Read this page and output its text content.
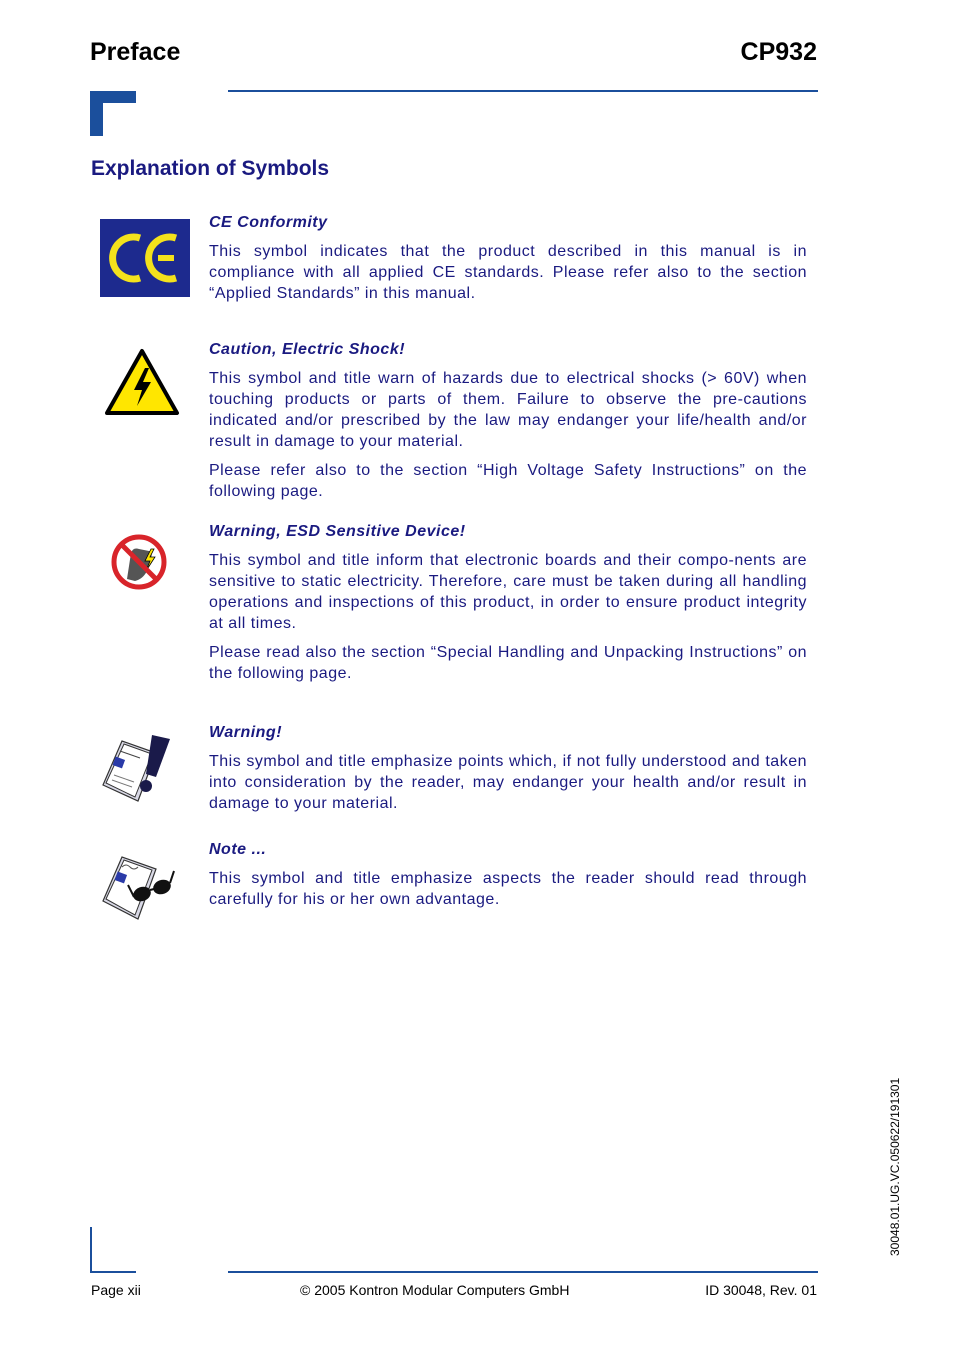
Preface	CP932
Explanation of Symbols

CE Conformity

This symbol indicates that the product described in this manual is in compliance with all applied CE standards. Please refer also to the section “Applied Standards” in this manual.

Caution, Electric Shock!

This symbol and title warn of hazards due to electrical shocks (> 60V) when touching products or parts of them. Failure to observe the pre-cautions indicated and/or prescribed by the law may endanger your life/health and/or result in damage to your material.

Please refer also to the section “High Voltage Safety Instructions” on the following page.

Warning, ESD Sensitive Device!

This symbol and title inform that electronic boards and their compo-nents are sensitive to static electricity. Therefore, care must be taken during all handling operations and inspections of this product, in order to ensure product integrity at all times.

Please read also the section “Special Handling and Unpacking Instructions” on the following page.

Warning!

This symbol and title emphasize points which, if not fully understood and taken into consideration by the reader, may endanger your health and/or result in damage to your material.

Note ...

This symbol and title emphasize aspects the reader should read through carefully for his or her own advantage.

30048.01.UG.VC.050622/191301
Page xii	© 2005 Kontron Modular Computers GmbH	ID 30048, Rev. 01
